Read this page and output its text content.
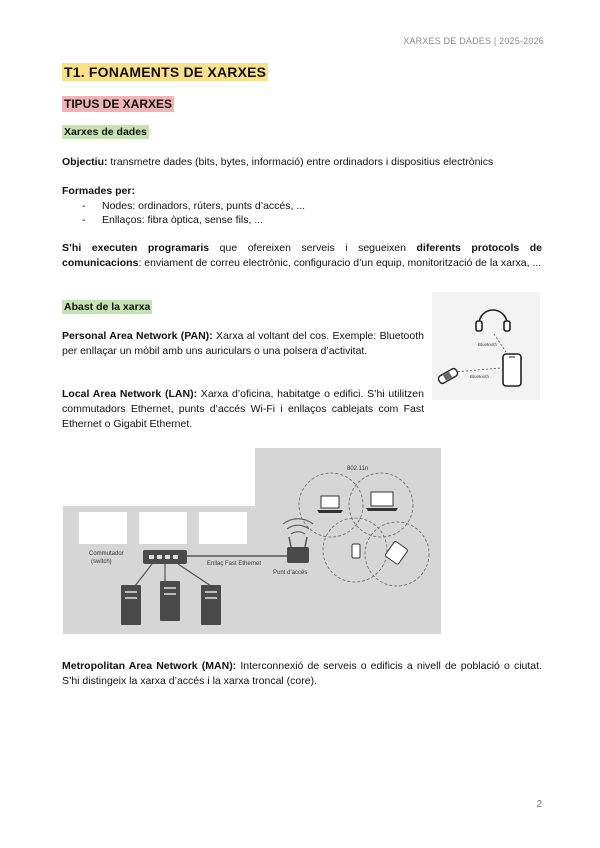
XARXES DE DADES | 2025-2026
T1. FONAMENTS DE XARXES
TIPUS DE XARXES
Xarxes de dades

Objectiu: transmetre dades (bits, bytes, informació) entre ordinadors i dispositius electrònics

Formades per:

- Nodes: ordinadors, rúters, punts d’accés, ...
- Enllaços: fibra òptica, sense fils, ...

S’hi executen programaris que ofereixen serveis i segueixen diferents protocols de comunicacions: enviament de correu electrònic, configuracio d’un equip, monitorització de la xarxa, ...

Abast de la xarxa

Personal Area Network (PAN): Xarxa al voltant del cos. Exemple: Bluetooth per enllaçar un mòbil amb uns auriculars o una polsera d’activitat.

Local Area Network (LAN): Xarxa d’oficina, habitatge o edifici. S’hi utilitzen commutadors Ethernet, punts d’accés Wi-Fi i enllaços cablejats com Fast Ethernet o Gigabit Ethernet.

Bluetooth
Bluetooth
Commutador
(switch)	Enllaç Fast Ethernet
Punt d’accés
802.11n

Metropolitan Area Network (MAN): Interconnexió de serveis o edificis a nivell de població o ciutat. S’hi distingeix la xarxa d’accés i la xarxa troncal (core).

2
